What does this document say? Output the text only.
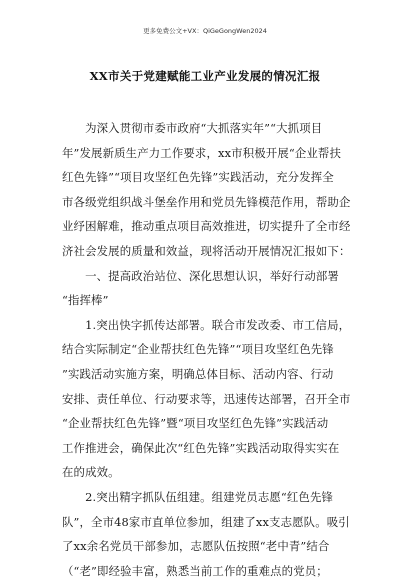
更多免费公文+VX：QiGeGongWen2024
XX市关于党建赋能工业产业发展的情况汇报
　　为深入贯彻市委市政府“大抓落实年”“大抓项目
年”发展新质生产力工作要求，xx市积极开展“企业帮扶
红色先锋”“项目攻坚红色先锋”实践活动，充分发挥全
市各级党组织战斗堡垒作用和党员先锋模范作用，帮助企
业纾困解难，推动重点项目高效推进，切实提升了全市经
济社会发展的质量和效益，现将活动开展情况汇报如下：
　　一、提高政治站位、深化思想认识，举好行动部署
“指挥棒”
　　1.突出快字抓传达部署。联合市发改委、市工信局，
结合实际制定“企业帮扶红色先锋”“项目攻坚红色先锋
”实践活动实施方案，明确总体目标、活动内容、行动
安排、责任单位、行动要求等，迅速传达部署，召开全市
“企业帮扶红色先锋”暨“项目攻坚红色先锋”实践活动
工作推进会，确保此次“红色先锋”实践活动取得实实在
在的成效。
　　2.突出精字抓队伍组建。组建党员志愿“红色先锋
队”，全市48家市直单位参加，组建了xx支志愿队。吸引
了xx余名党员干部参加，志愿队伍按照“老中青”结合
（“老”即经验丰富，熟悉当前工作的重难点的党员；
